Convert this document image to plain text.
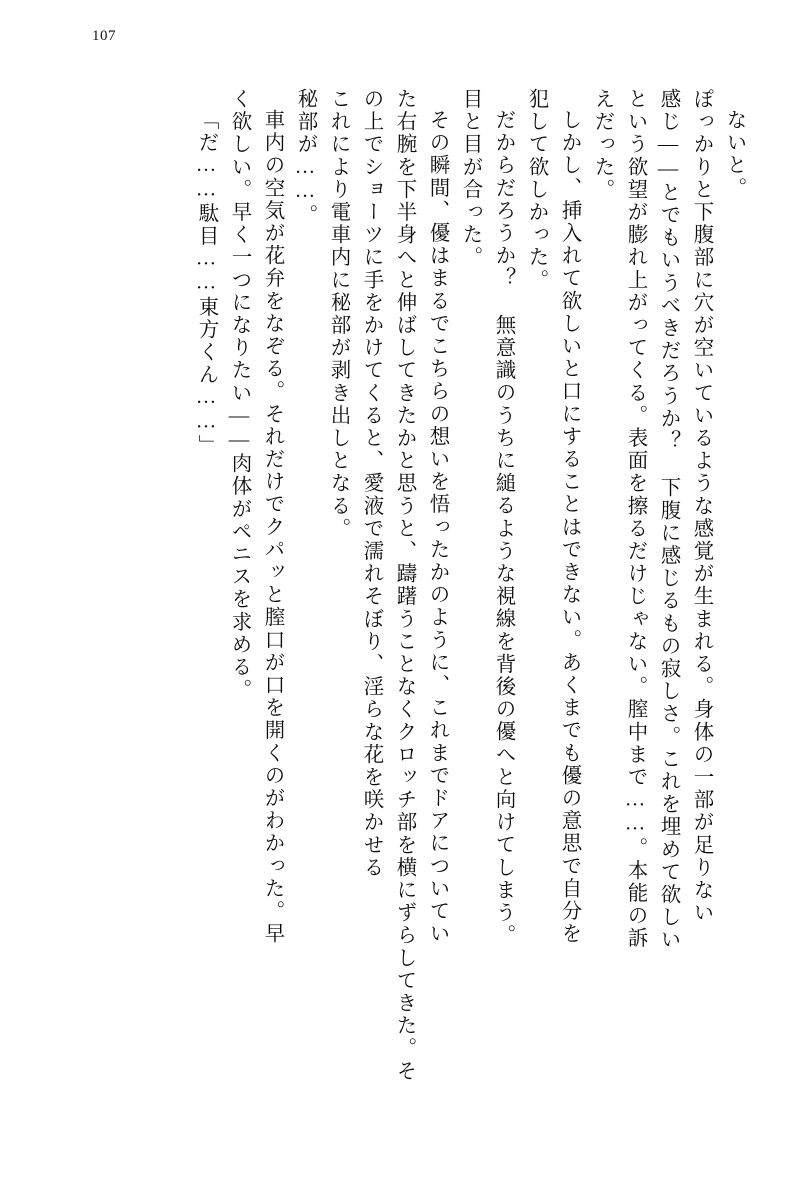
107
ないと。
ぽっかりと下腹部に穴が空いているような感覚が生まれる。身体の一部が足りない
感じ――とでもいうべきだろうか？ 下腹に感じるもの寂しさ。これを埋めて欲しい
という欲望が膨れ上がってくる。表面を擦るだけじゃない。膣中まで……。本能の訴
えだった。
しかし、挿入れて欲しいと口にすることはできない。あくまでも優の意思で自分を
犯して欲しかった。
だからだろうか？ 無意識のうちに縋るような視線を背後の優へと向けてしまう。
目と目が合った。
その瞬間、優はまるでこちらの想いを悟ったかのように、これまでドアについてい
た右腕を下半身へと伸ばしてきたかと思うと、躊躇うことなくクロッチ部を横にずらしてきた。そ
の上でショーツに手をかけてくると、愛液で濡れそぼり、淫らな花を咲かせる
これにより電車内に秘部が剥き出しとなる。
秘部が……。
車内の空気が花弁をなぞる。それだけでクパッと膣口が口を開くのがわかった。早
く欲しい。早く一つになりたい――肉体がペニスを求める。
「だ……駄目……東方くん……」
